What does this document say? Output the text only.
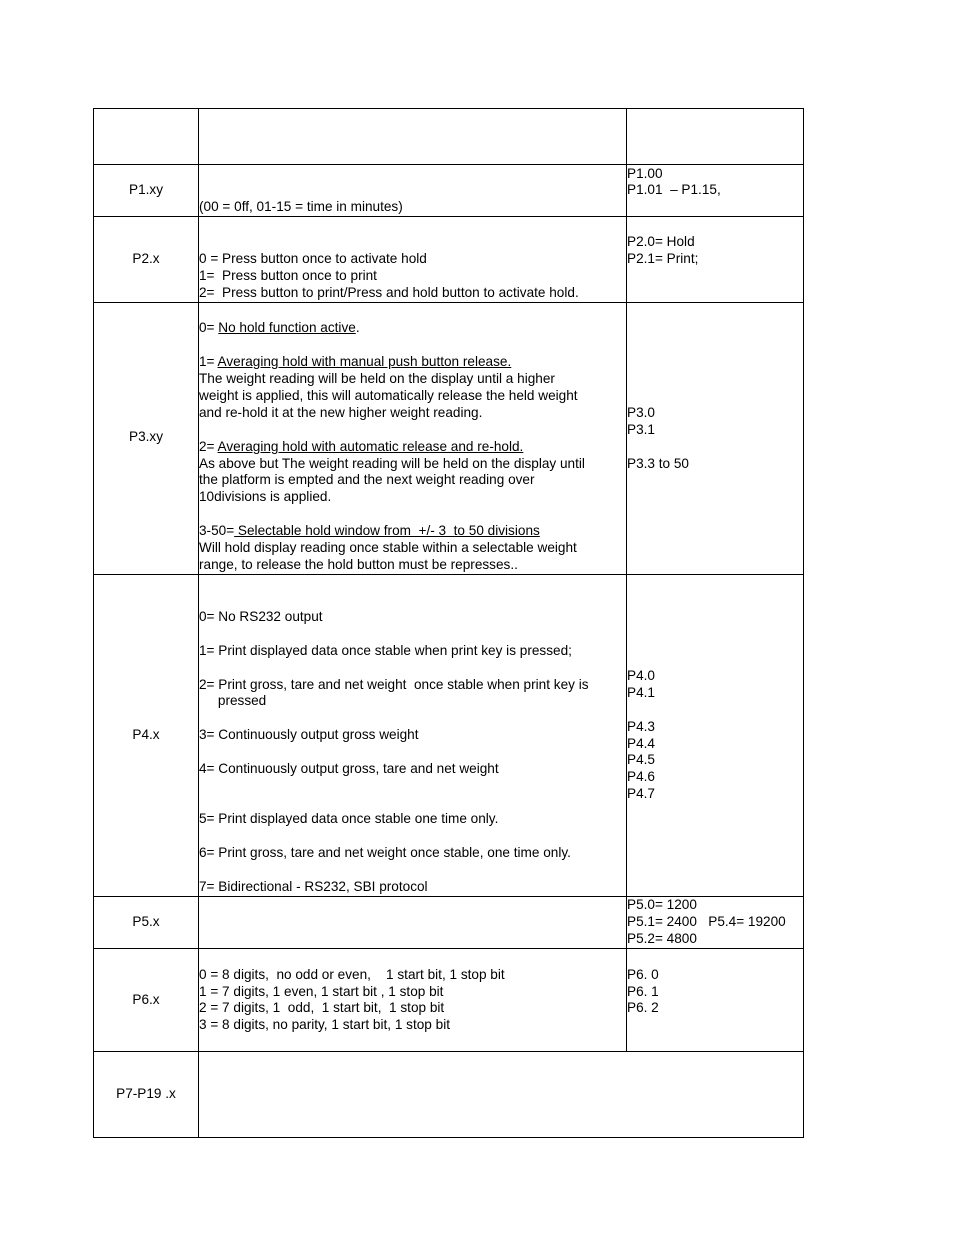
P1.xy
(00 = 0ff, 01-15 = time in minutes)
P1.00
P1.01  – P1.15,
P2.x	0 = Press button once to activate hold
1=  Press button once to print
2=  Press button to print/Press and hold button to activate hold.
P2.0= Hold
P2.1= Print;
P3.xy
0= No hold function active.
1= Averaging hold with manual push button release.
The weight reading will be held on the display until a higher
weight is applied, this will automatically release the held weight
and re-hold it at the new higher weight reading.
2= Averaging hold with automatic release and re-hold.
As above but The weight reading will be held on the display until
the platform is empted and the next weight reading over
10divisions is applied.
3-50= Selectable hold window from  +/- 3  to 50 divisions
Will hold display reading once stable within a selectable weight
range, to release the hold button must be represses..
P3.0
P3.1
P3.3 to 50
P4.x
0= No RS232 output
1= Print displayed data once stable when print key is pressed;
2= Print gross, tare and net weight  once stable when print key is
pressed
3= Continuously output gross weight
4= Continuously output gross, tare and net weight
5= Print displayed data once stable one time only.
6= Print gross, tare and net weight once stable, one time only.
7= Bidirectional - RS232, SBI protocol
P4.0
P4.1
P4.3
P4.4
P4.5
P4.6
P4.7
P5.x
P5.0= 1200
P5.1= 2400   P5.4= 19200
P5.2= 4800
P6.x
0 = 8 digits,  no odd or even,    1 start bit, 1 stop bit
1 = 7 digits, 1 even, 1 start bit , 1 stop bit
2 = 7 digits, 1  odd,  1 start bit,  1 stop bit
3 = 8 digits, no parity, 1 start bit, 1 stop bit
P6. 0
P6. 1
P6. 2
P7-P19 .x
